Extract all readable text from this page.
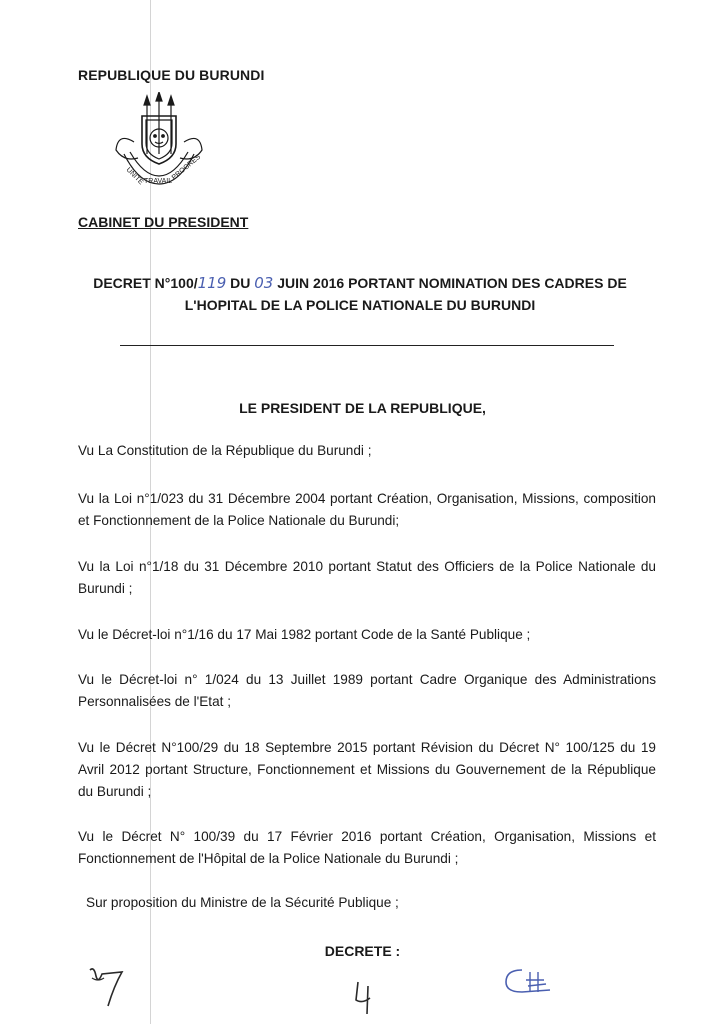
REPUBLIQUE DU BURUNDI
UNITE TRAVAIL
PROGRES
CABINET DU PRESIDENT
DECRET N°100/119 DU 03 JUIN 2016 PORTANT NOMINATION DES CADRES DE
L'HOPITAL DE LA POLICE NATIONALE DU BURUNDI
LE PRESIDENT DE LA REPUBLIQUE,
Vu La Constitution de la République du Burundi ;
Vu la Loi n°1/023 du 31 Décembre 2004 portant Création, Organisation, Missions, composition et Fonctionnement de la Police Nationale du Burundi;
Vu la Loi n°1/18 du 31 Décembre 2010 portant Statut des Officiers de la Police Nationale du Burundi ;
Vu le Décret-loi n°1/16 du 17 Mai 1982 portant Code de la Santé Publique ;
Vu le Décret-loi n° 1/024 du 13 Juillet 1989 portant Cadre Organique des Administrations Personnalisées de l'Etat ;
Vu le Décret N°100/29 du 18 Septembre 2015 portant Révision du Décret N° 100/125 du 19 Avril 2012 portant Structure, Fonctionnement et Missions du Gouvernement de la République du Burundi ;
Vu le Décret N° 100/39 du 17 Février 2016 portant Création, Organisation, Missions et Fonctionnement de l'Hôpital de la Police Nationale du Burundi ;
Sur proposition du Ministre de la Sécurité Publique ;
DECRETE :
